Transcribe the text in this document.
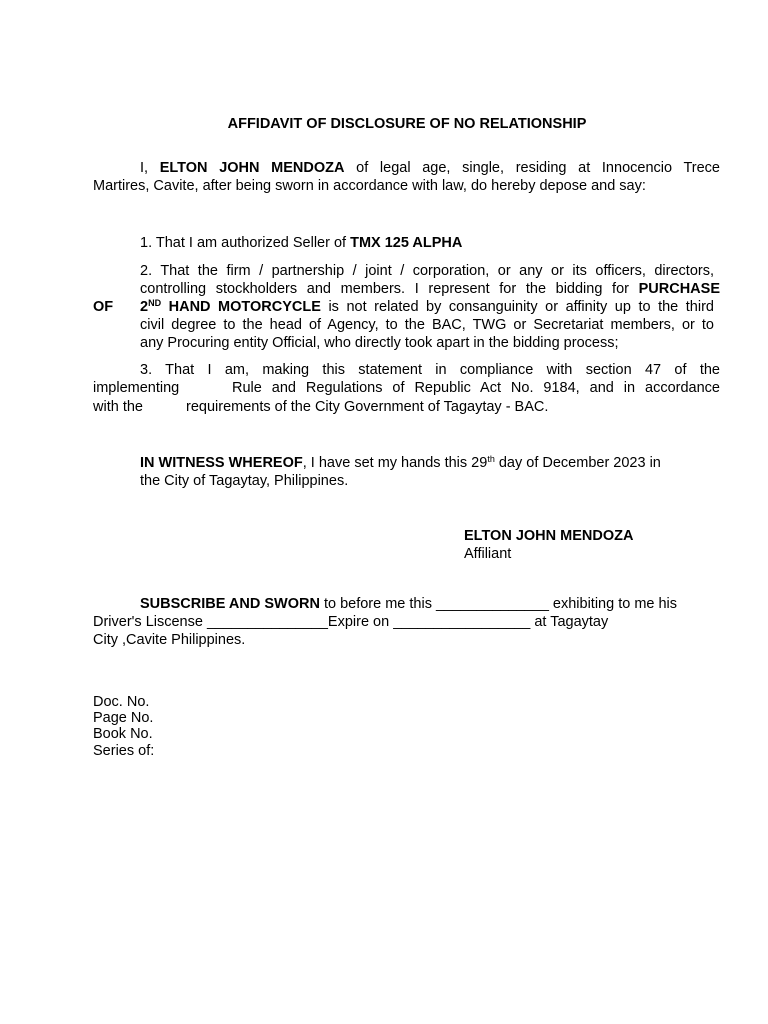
AFFIDAVIT OF DISCLOSURE OF NO RELATIONSHIP
I, ELTON JOHN MENDOZA of legal age, single, residing at Innocencio Trece
Martires, Cavite, after being sworn in accordance with law, do hereby depose and say:
1. That I am authorized Seller of TMX 125 ALPHA
2. That the firm / partnership / joint / corporation, or any or its officers, directors,
controlling stockholders and members. I represent for the bidding for PURCHASE
OF 2ND HAND MOTORCYCLE is not related by consanguinity or affinity up to the third
civil degree to the head of Agency, to the BAC, TWG or Secretariat members, or to
any Procuring entity Official, who directly took apart in the bidding process;
3. That I am, making this statement in compliance with section 47 of the
implementing	Rule and Regulations of Republic Act No. 9184, and in accordance
with the	requirements of the City Government of Tagaytay - BAC.
IN WITNESS WHEREOF, I have set my hands this 29th day of December 2023 in
the City of Tagaytay, Philippines.
ELTON JOHN MENDOZA
Affiliant
SUBSCRIBE AND SWORN to before me this ______________ exhibiting to me his
Driver's Liscense _______________Expire on _________________ at Tagaytay
City ,Cavite Philippines.
Doc. No.
Page No.
Book No.
Series of:
